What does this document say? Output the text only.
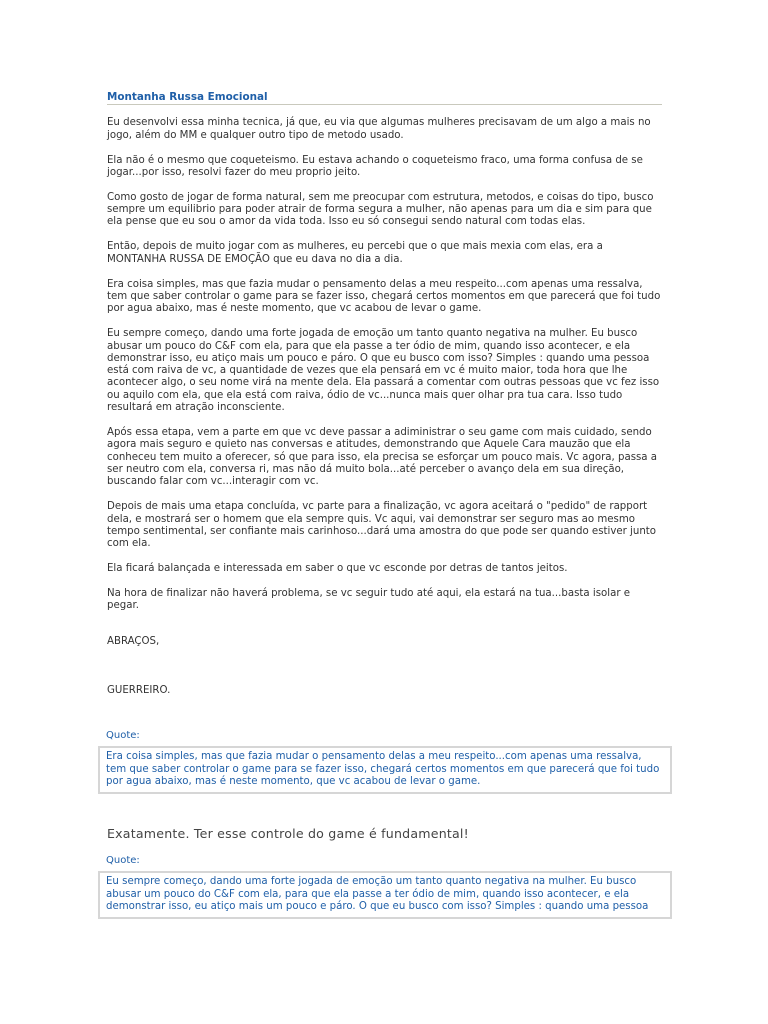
Montanha Russa Emocional

Eu desenvolvi essa minha tecnica, já que, eu via que algumas mulheres precisavam de um algo a mais no jogo, além do MM e qualquer outro tipo de metodo usado.

Ela não é o mesmo que coqueteismo. Eu estava achando o coqueteismo fraco, uma forma confusa de se jogar...por isso, resolvi fazer do meu proprio jeito.

Como gosto de jogar de forma natural, sem me preocupar com estrutura, metodos, e coisas do tipo, busco sempre um equilibrio para poder atrair de forma segura a mulher, não apenas para um dia e sim para que ela pense que eu sou o amor da vida toda. Isso eu só consegui sendo natural com todas elas.

Então, depois de muito jogar com as mulheres, eu percebi que o que mais mexia com elas, era a MONTANHA RUSSA DE EMOÇÃO que eu dava no dia a dia.

Era coisa simples, mas que fazia mudar o pensamento delas a meu respeito...com apenas uma ressalva, tem que saber controlar o game para se fazer isso, chegará certos momentos em que parecerá que foi tudo por agua abaixo, mas é neste momento, que vc acabou de levar o game.

Eu sempre começo, dando uma forte jogada de emoção um tanto quanto negativa na mulher. Eu busco abusar um pouco do C&F com ela, para que ela passe a ter ódio de mim, quando isso acontecer, e ela demonstrar isso, eu atiço mais um pouco e páro. O que eu busco com isso? Simples : quando uma pessoa está com raiva de vc, a quantidade de vezes que ela pensará em vc é muito maior, toda hora que lhe acontecer algo, o seu nome virá na mente dela. Ela passará a comentar com outras pessoas que vc fez isso ou aquilo com ela, que ela está com raiva, ódio de vc...nunca mais quer olhar pra tua cara. Isso tudo resultará em atração inconsciente.

Após essa etapa, vem a parte em que vc deve passar a adiministrar o seu game com mais cuidado, sendo agora mais seguro e quieto nas conversas e atitudes, demonstrando que Aquele Cara mauzão que ela conheceu tem muito a oferecer, só que para isso, ela precisa se esforçar um pouco mais. Vc agora, passa a ser neutro com ela, conversa ri, mas não dá muito bola...até perceber o avanço dela em sua direção, buscando falar com vc...interagir com vc.

Depois de mais uma etapa concluída, vc parte para a finalização, vc agora aceitará o "pedido" de rapport dela, e mostrará ser o homem que ela sempre quis. Vc aqui, vai demonstrar ser seguro mas ao mesmo tempo sentimental, ser confiante mais carinhoso...dará uma amostra do que pode ser quando estiver junto com ela.

Ela ficará balançada e interessada em saber o que vc esconde por detras de tantos jeitos.

Na hora de finalizar não haverá problema, se vc seguir tudo até aqui, ela estará na tua...basta isolar e pegar.

ABRAÇOS,
GUERREIRO.
Quote:
Era coisa simples, mas que fazia mudar o pensamento delas a meu respeito...com apenas uma ressalva, tem que saber controlar o game para se fazer isso, chegará certos momentos em que parecerá que foi tudo por agua abaixo, mas é neste momento, que vc acabou de levar o game.
Exatamente. Ter esse controle do game é fundamental!
Quote:
Eu sempre começo, dando uma forte jogada de emoção um tanto quanto negativa na mulher. Eu busco abusar um pouco do C&F com ela, para que ela passe a ter ódio de mim, quando isso acontecer, e ela demonstrar isso, eu atiço mais um pouco e páro. O que eu busco com isso? Simples : quando uma pessoa
